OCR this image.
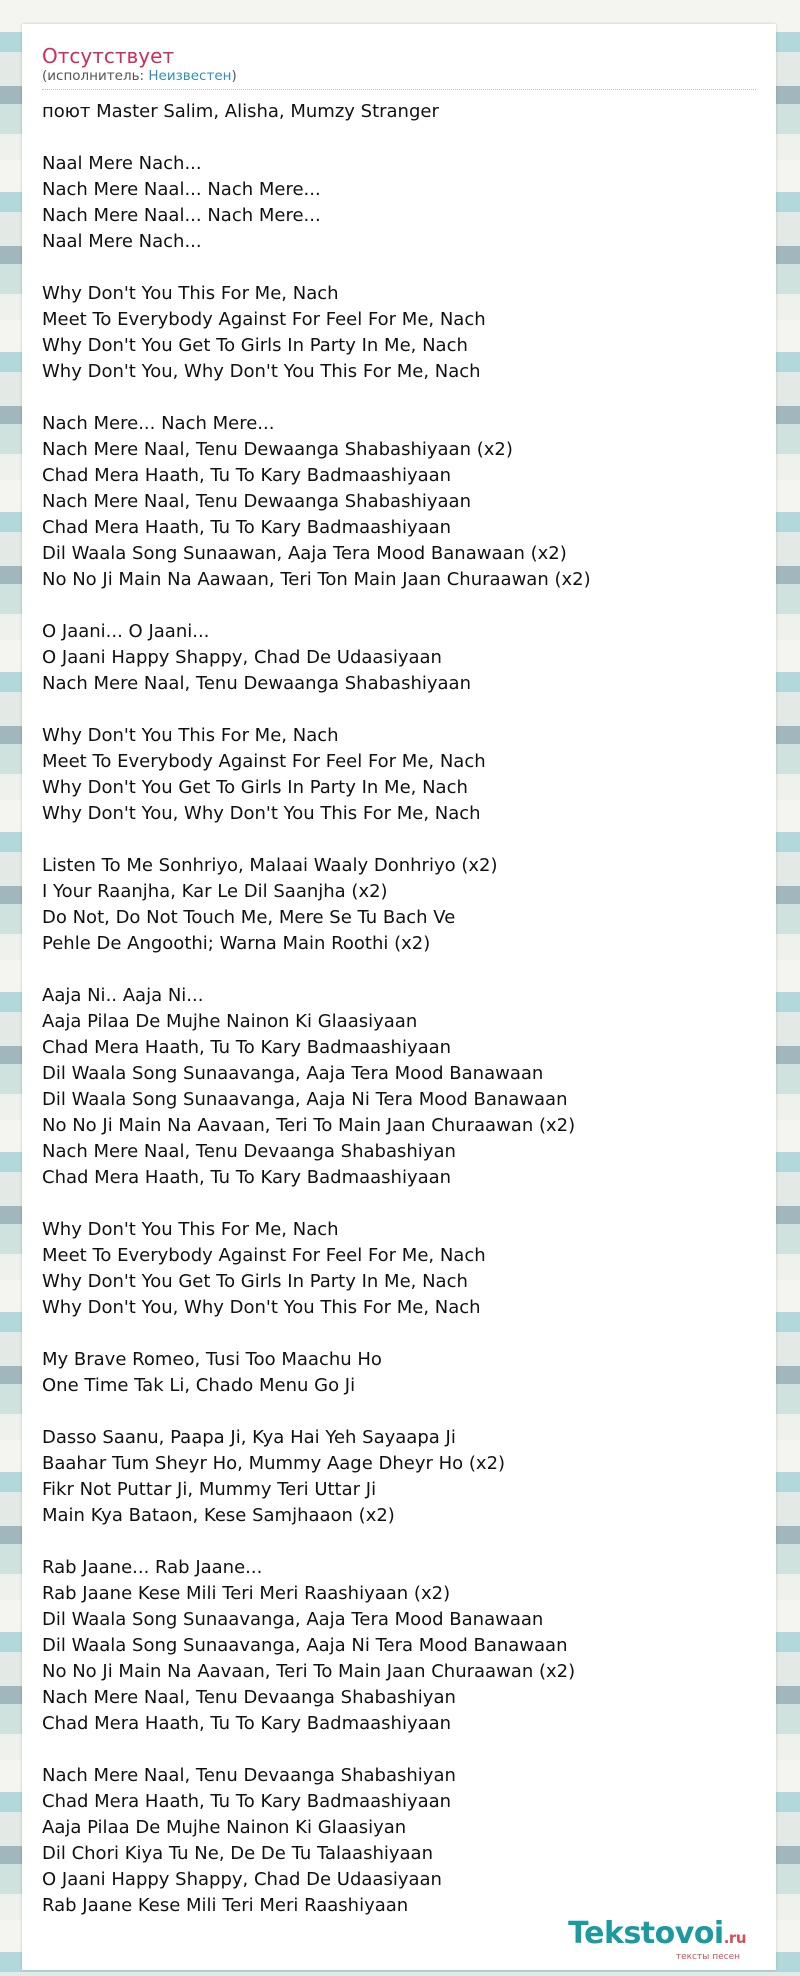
Отсутствует
(исполнитель: Неизвестен)
поют Master Salim, Alisha, Mumzy Stranger
Naal Mere Nach...
Nach Mere Naal... Nach Mere...
Nach Mere Naal... Nach Mere...
Naal Mere Nach...
Why Don't You This For Me, Nach
Meet To Everybody Against For Feel For Me, Nach
Why Don't You Get To Girls In Party In Me, Nach
Why Don't You, Why Don't You This For Me, Nach
Nach Mere... Nach Mere...
Nach Mere Naal, Tenu Dewaanga Shabashiyaan (x2)
Chad Mera Haath, Tu To Kary Badmaashiyaan
Nach Mere Naal, Tenu Dewaanga Shabashiyaan
Chad Mera Haath, Tu To Kary Badmaashiyaan
Dil Waala Song Sunaawan, Aaja Tera Mood Banawaan (x2)
No No Ji Main Na Aawaan, Teri Ton Main Jaan Churaawan (x2)
O Jaani... O Jaani...
O Jaani Happy Shappy, Chad De Udaasiyaan
Nach Mere Naal, Tenu Dewaanga Shabashiyaan
Why Don't You This For Me, Nach
Meet To Everybody Against For Feel For Me, Nach
Why Don't You Get To Girls In Party In Me, Nach
Why Don't You, Why Don't You This For Me, Nach
Listen To Me Sonhriyo, Malaai Waaly Donhriyo (x2)
I Your Raanjha, Kar Le Dil Saanjha (x2)
Do Not, Do Not Touch Me, Mere Se Tu Bach Ve
Pehle De Angoothi; Warna Main Roothi (x2)
Aaja Ni.. Aaja Ni...
Aaja Pilaa De Mujhe Nainon Ki Glaasiyaan
Chad Mera Haath, Tu To Kary Badmaashiyaan
Dil Waala Song Sunaavanga, Aaja Tera Mood Banawaan
Dil Waala Song Sunaavanga, Aaja Ni Tera Mood Banawaan
No No Ji Main Na Aavaan, Teri To Main Jaan Churaawan (x2)
Nach Mere Naal, Tenu Devaanga Shabashiyan
Chad Mera Haath, Tu To Kary Badmaashiyaan
Why Don't You This For Me, Nach
Meet To Everybody Against For Feel For Me, Nach
Why Don't You Get To Girls In Party In Me, Nach
Why Don't You, Why Don't You This For Me, Nach
My Brave Romeo, Tusi Too Maachu Ho
One Time Tak Li, Chado Menu Go Ji
Dasso Saanu, Paapa Ji, Kya Hai Yeh Sayaapa Ji
Baahar Tum Sheyr Ho, Mummy Aage Dheyr Ho (x2)
Fikr Not Puttar Ji, Mummy Teri Uttar Ji
Main Kya Bataon, Kese Samjhaaon (x2)
Rab Jaane... Rab Jaane...
Rab Jaane Kese Mili Teri Meri Raashiyaan (x2)
Dil Waala Song Sunaavanga, Aaja Tera Mood Banawaan
Dil Waala Song Sunaavanga, Aaja Ni Tera Mood Banawaan
No No Ji Main Na Aavaan, Teri To Main Jaan Churaawan (x2)
Nach Mere Naal, Tenu Devaanga Shabashiyan
Chad Mera Haath, Tu To Kary Badmaashiyaan
Nach Mere Naal, Tenu Devaanga Shabashiyan
Chad Mera Haath, Tu To Kary Badmaashiyaan
Aaja Pilaa De Mujhe Nainon Ki Glaasiyan
Dil Chori Kiya Tu Ne, De De Tu Talaashiyaan
O Jaani Happy Shappy, Chad De Udaasiyaan
Rab Jaane Kese Mili Teri Meri Raashiyaan
Tekstovoi.ru
тексты песен
